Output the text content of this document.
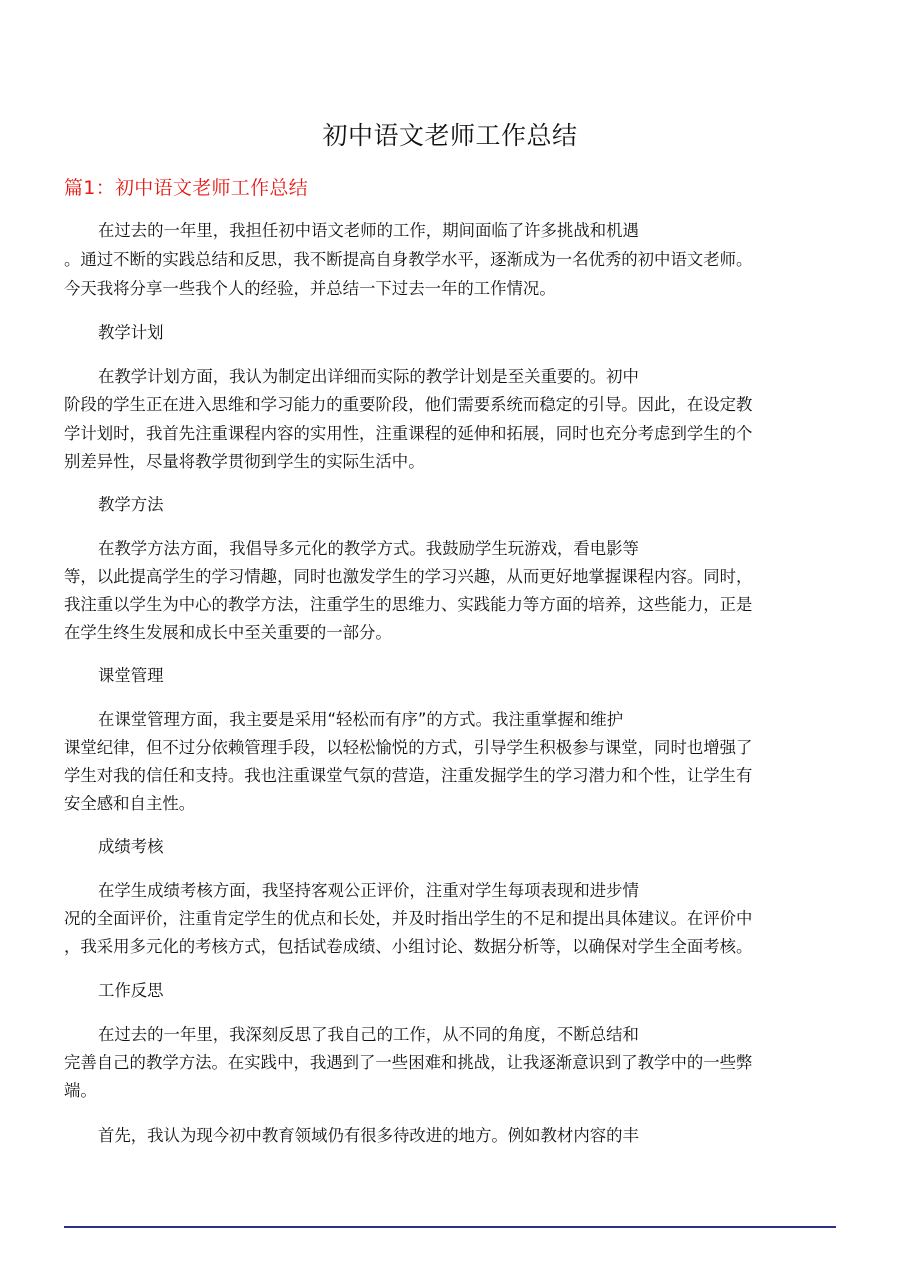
初中语文老师工作总结
篇1：初中语文老师工作总结
在过去的一年里，我担任初中语文老师的工作，期间面临了许多挑战和机遇
。通过不断的实践总结和反思，我不断提高自身教学水平，逐渐成为一名优秀的初中语文老师。
今天我将分享一些我个人的经验，并总结一下过去一年的工作情况。
教学计划
在教学计划方面，我认为制定出详细而实际的教学计划是至关重要的。初中
阶段的学生正在进入思维和学习能力的重要阶段，他们需要系统而稳定的引导。因此，在设定教
学计划时，我首先注重课程内容的实用性，注重课程的延伸和拓展，同时也充分考虑到学生的个
别差异性，尽量将教学贯彻到学生的实际生活中。
教学方法
在教学方法方面，我倡导多元化的教学方式。我鼓励学生玩游戏，看电影等
等，以此提高学生的学习情趣，同时也激发学生的学习兴趣，从而更好地掌握课程内容。同时，
我注重以学生为中心的教学方法，注重学生的思维力、实践能力等方面的培养，这些能力，正是
在学生终生发展和成长中至关重要的一部分。
课堂管理
在课堂管理方面，我主要是采用“轻松而有序”的方式。我注重掌握和维护
课堂纪律，但不过分依赖管理手段，以轻松愉悦的方式，引导学生积极参与课堂，同时也增强了
学生对我的信任和支持。我也注重课堂气氛的营造，注重发掘学生的学习潜力和个性，让学生有
安全感和自主性。
成绩考核
在学生成绩考核方面，我坚持客观公正评价，注重对学生每项表现和进步情
况的全面评价，注重肯定学生的优点和长处，并及时指出学生的不足和提出具体建议。在评价中
，我采用多元化的考核方式，包括试卷成绩、小组讨论、数据分析等，以确保对学生全面考核。
工作反思
在过去的一年里，我深刻反思了我自己的工作，从不同的角度，不断总结和
完善自己的教学方法。在实践中，我遇到了一些困难和挑战，让我逐渐意识到了教学中的一些弊
端。
首先，我认为现今初中教育领域仍有很多待改进的地方。例如教材内容的丰
